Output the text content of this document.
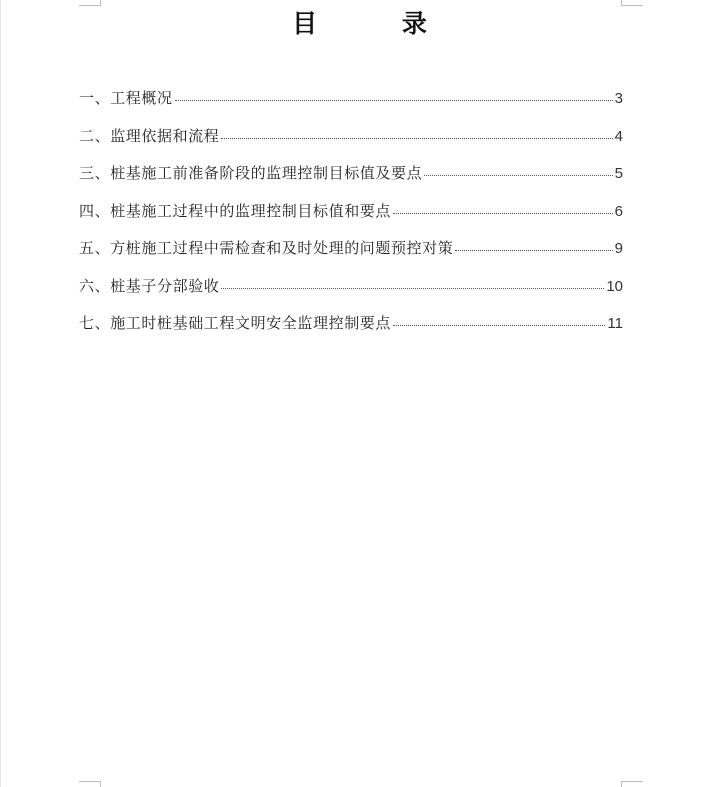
目 录
一、工程概况	3
二、监理依据和流程	4
三、桩基施工前准备阶段的监理控制目标值及要点	5
四、桩基施工过程中的监理控制目标值和要点	6
五、方桩施工过程中需检查和及时处理的问题预控对策	9
六、桩基子分部验收	10
七、施工时桩基础工程文明安全监理控制要点	11
